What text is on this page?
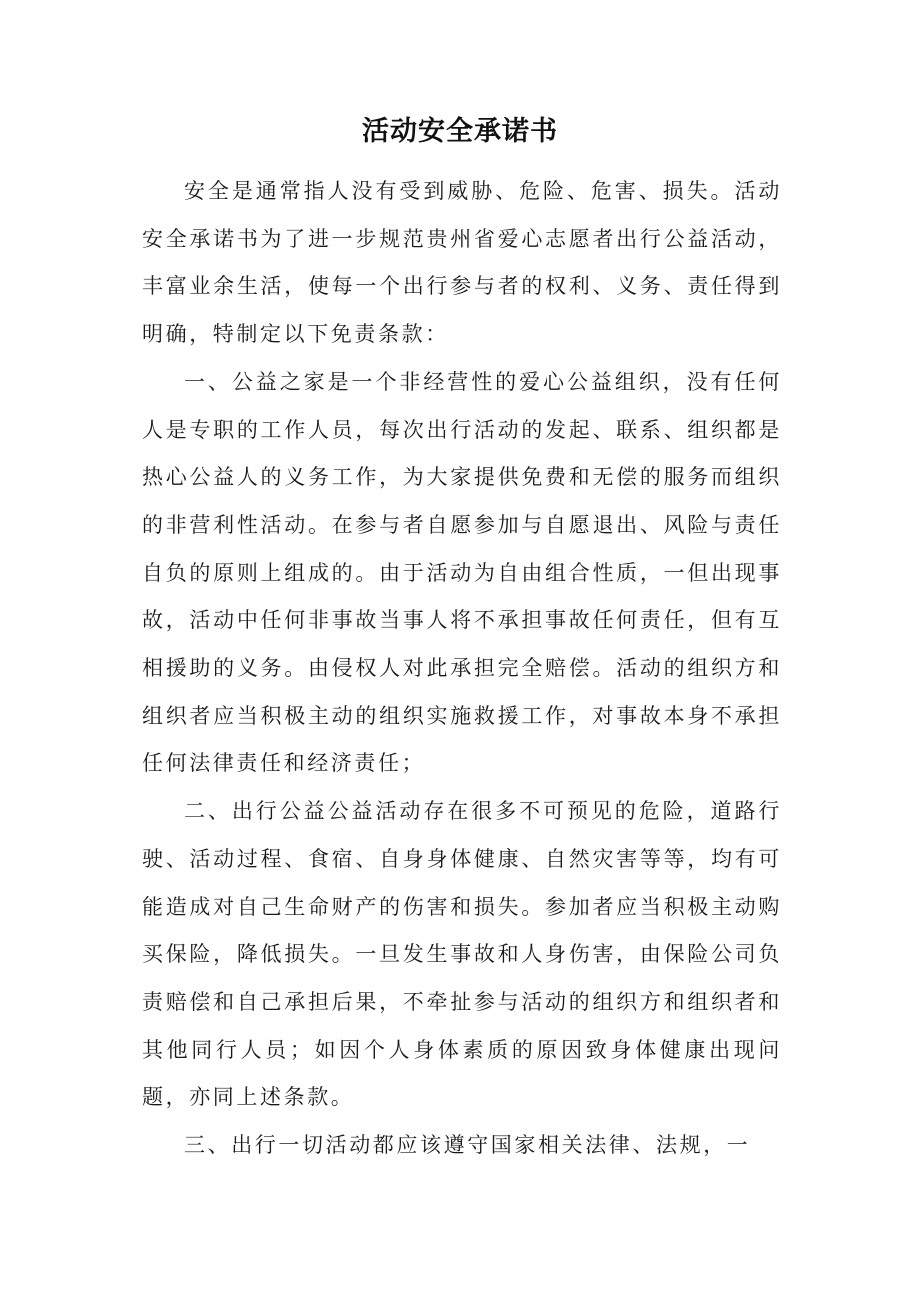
活动安全承诺书

安全是通常指人没有受到威胁、危险、危害、损失。活动安全承诺书为了进一步规范贵州省爱心志愿者出行公益活动，丰富业余生活，使每一个出行参与者的权利、义务、责任得到明确，特制定以下免责条款：

一、公益之家是一个非经营性的爱心公益组织，没有任何人是专职的工作人员，每次出行活动的发起、联系、组织都是热心公益人的义务工作，为大家提供免费和无偿的服务而组织的非营利性活动。在参与者自愿参加与自愿退出、风险与责任自负的原则上组成的。由于活动为自由组合性质，一但出现事故，活动中任何非事故当事人将不承担事故任何责任，但有互相援助的义务。由侵权人对此承担完全赔偿。活动的组织方和组织者应当积极主动的组织实施救援工作，对事故本身不承担任何法律责任和经济责任；

二、出行公益公益活动存在很多不可预见的危险，道路行驶、活动过程、食宿、自身身体健康、自然灾害等等，均有可能造成对自己生命财产的伤害和损失。参加者应当积极主动购买保险，降低损失。一旦发生事故和人身伤害，由保险公司负责赔偿和自己承担后果，不牵扯参与活动的组织方和组织者和其他同行人员；如因个人身体素质的原因致身体健康出现问题，亦同上述条款。

三、出行一切活动都应该遵守国家相关法律、法规，一
